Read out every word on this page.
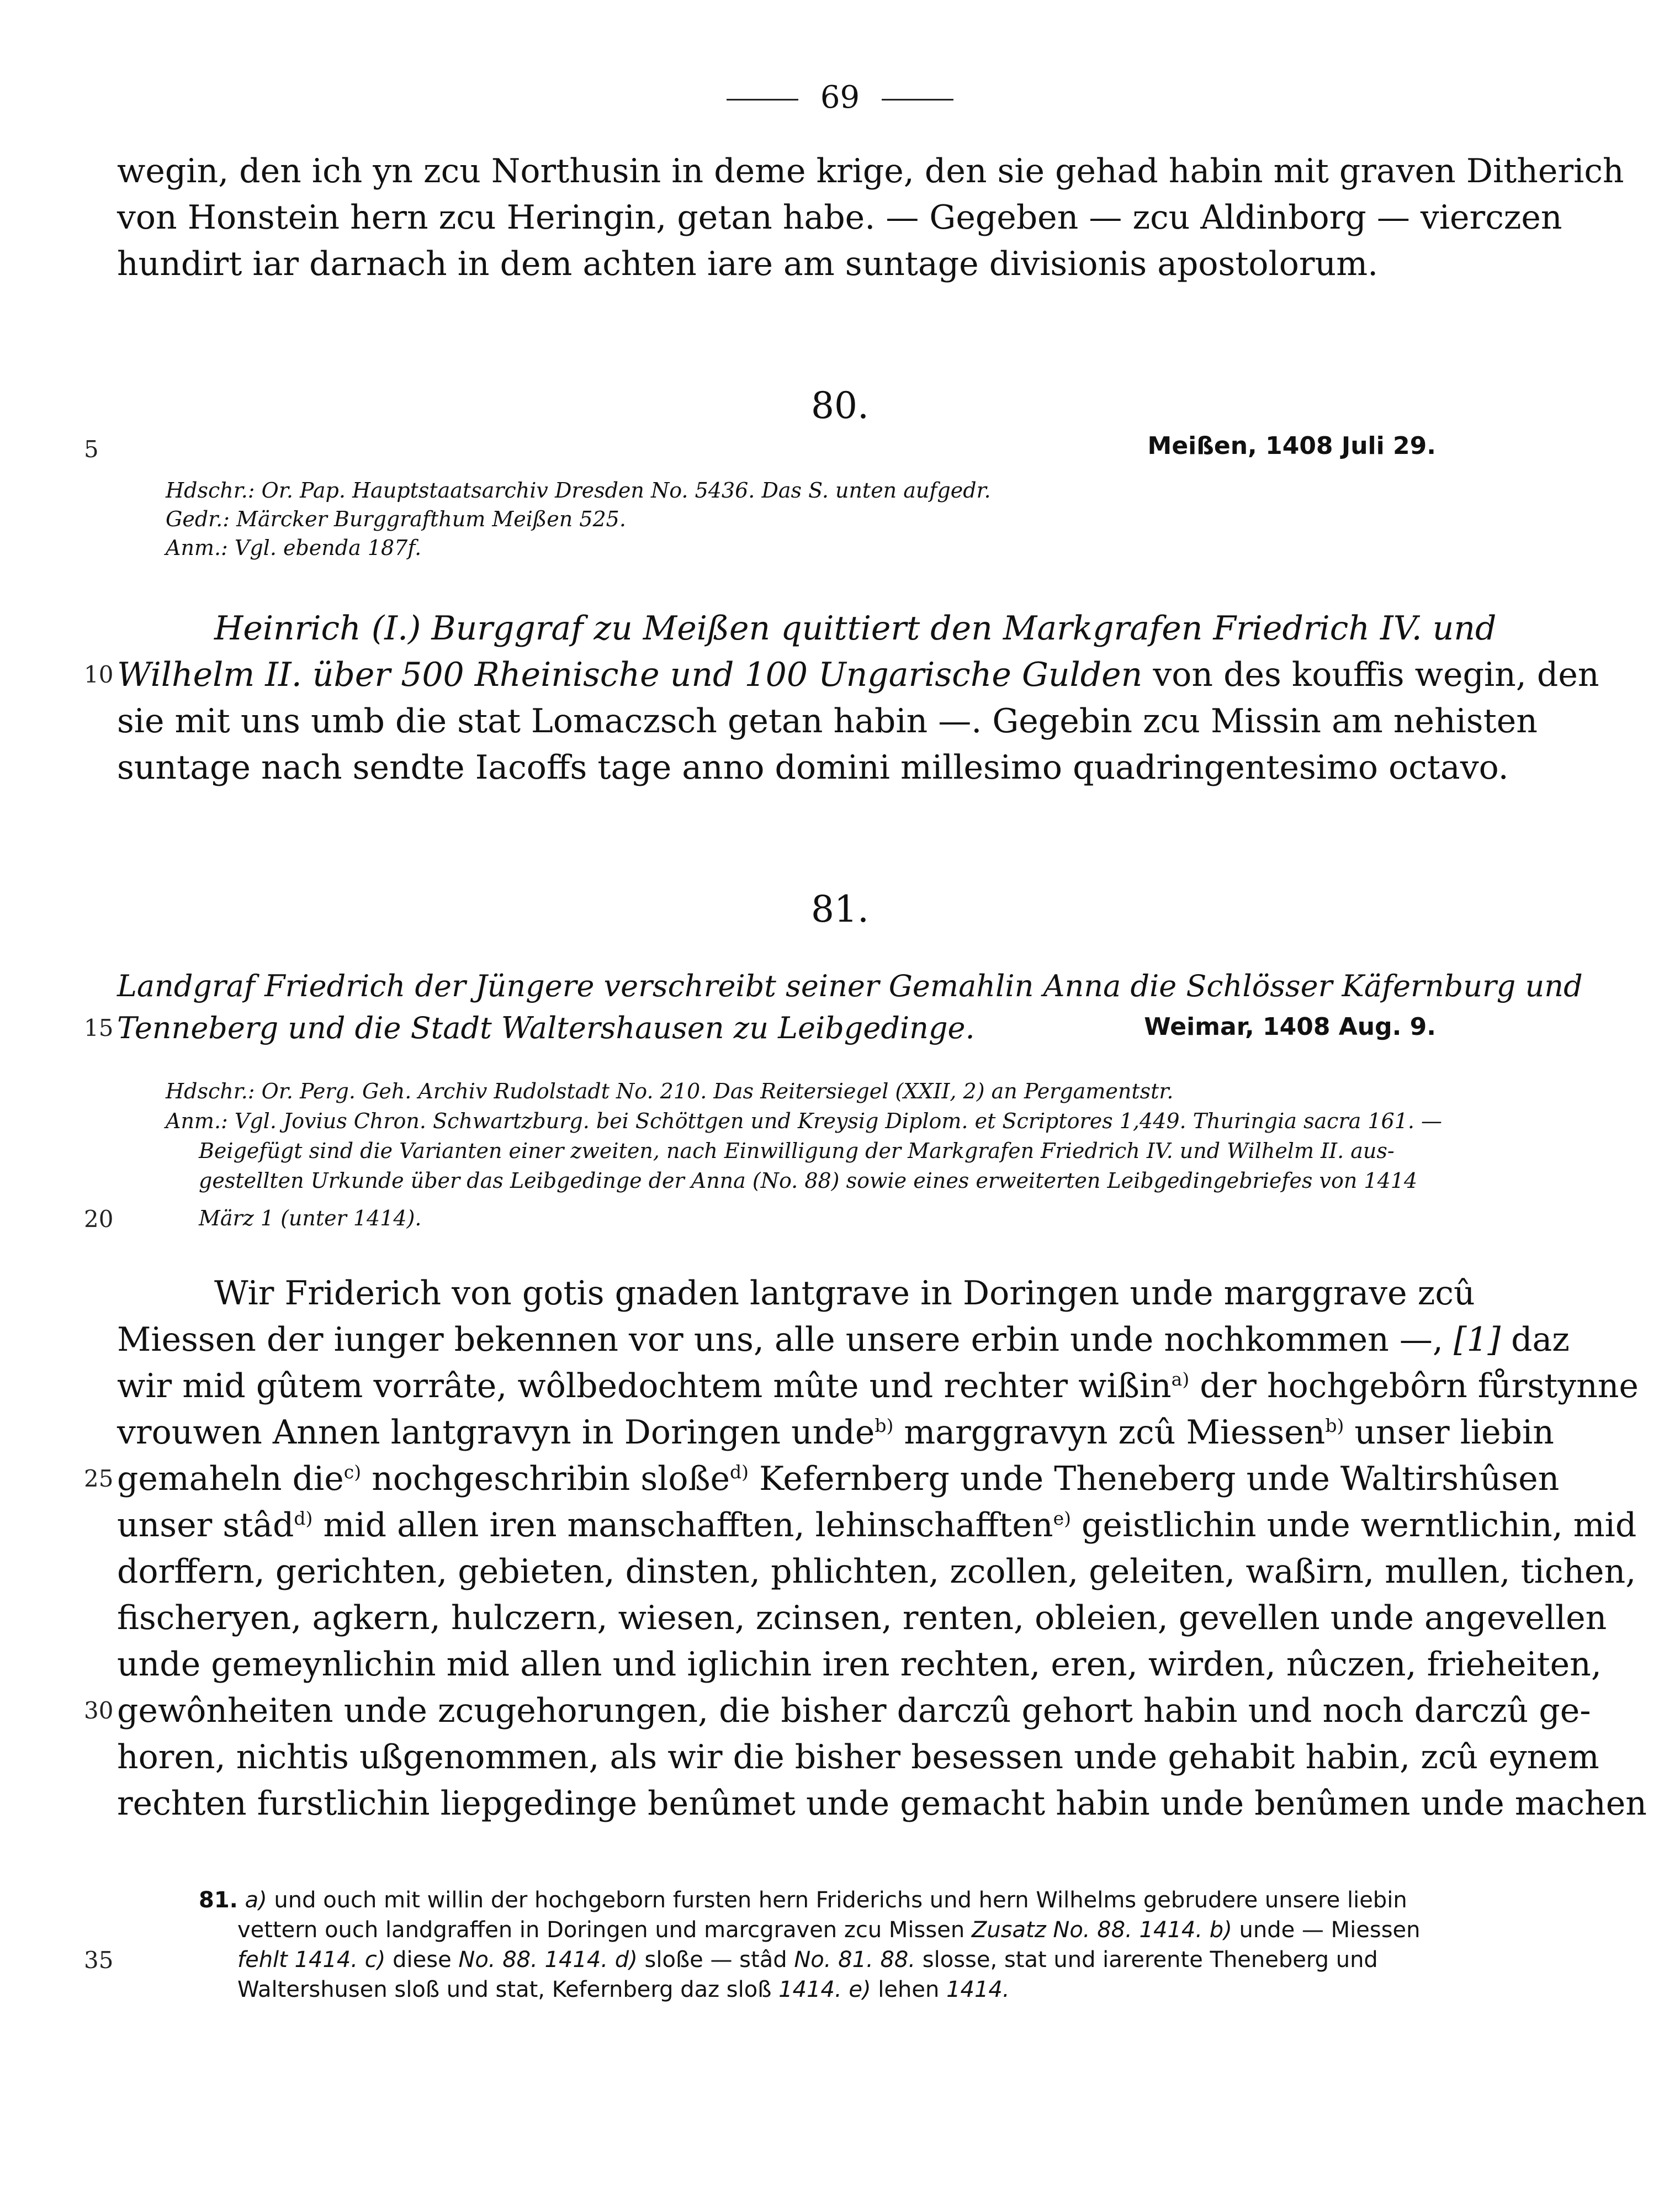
69
wegin, den ich yn zcu Northusin in deme krige, den sie gehad habin mit graven Ditherich
von Honstein hern zcu Heringin, getan habe. — Gegeben — zcu Aldinborg — vierczen
hundirt iar darnach in dem achten iare am suntage divisionis apostolorum.
80.
5	Meißen, 1408 Juli 29.
Hdschr.: Or. Pap. Hauptstaatsarchiv Dresden No. 5436. Das S. unten aufgedr.
Gedr.: Märcker Burggrafthum Meißen 525.
Anm.: Vgl. ebenda 187f.
Heinrich (I.) Burggraf zu Meißen quittiert den Markgrafen Friedrich IV. und
10 Wilhelm II. über 500 Rheinische und 100 Ungarische Gulden von des kouffis wegin, den
sie mit uns umb die stat Lomaczsch getan habin —. Gegebin zcu Missin am nehisten
suntage nach sendte Iacoffs tage anno domini millesimo quadringentesimo octavo.
81.
Landgraf Friedrich der Jüngere verschreibt seiner Gemahlin Anna die Schlösser Käfernburg und
15 Tenneberg und die Stadt Waltershausen zu Leibgedinge.	Weimar, 1408 Aug. 9.
Hdschr.: Or. Perg. Geh. Archiv Rudolstadt No. 210. Das Reitersiegel (XXII, 2) an Pergamentstr.
Anm.: Vgl. Jovius Chron. Schwartzburg. bei Schöttgen und Kreysig Diplom. et Scriptores 1,449. Thuringia sacra 161. —
Beigefügt sind die Varianten einer zweiten, nach Einwilligung der Markgrafen Friedrich IV. und Wilhelm II. aus-
gestellten Urkunde über das Leibgedinge der Anna (No. 88) sowie eines erweiterten Leibgedingebriefes von 1414
20	März 1 (unter 1414).
Wir Friderich von gotis gnaden lantgrave in Doringen unde marggrave zcû
Miessen der iunger bekennen vor uns, alle unsere erbin unde nochkommen —, [1] daz
wir mid gûtem vorrâte, wôlbedochtem mûte und rechter wißin$^{a)}$ der hochgebôrn fůrstynne
vrouwen Annen lantgravyn in Doringen unde$^{b)}$ marggravyn zcû Miessen$^{b)}$ unser liebin
25 gemaheln die$^{c)}$ nochgeschribin sloße$^{d)}$ Kefernberg unde Theneberg unde Waltirshûsen
unser stâd$^{d)}$ mid allen iren manschafften, lehinschafften$^{e)}$ geistlichin unde werntlichin, mid
dorffern, gerichten, gebieten, dinsten, phlichten, zcollen, geleiten, waßirn, mullen, tichen,
fischeryen, agkern, hulczern, wiesen, zcinsen, renten, obleien, gevellen unde angevellen
unde gemeynlichin mid allen und iglichin iren rechten, eren, wirden, nûczen, frieheiten,
30 gewônheiten unde zcugehorungen, die bisher darczû gehort habin und noch darczû ge-
horen, nichtis ußgenommen, als wir die bisher besessen unde gehabit habin, zcû eynem
rechten furstlichin liepgedinge benûmet unde gemacht habin unde benûmen unde machen
81. a) und ouch mit willin der hochgeborn fursten hern Friderichs und hern Wilhelms gebrudere unsere liebin
vettern ouch landgraffen in Doringen und marcgraven zcu Missen Zusatz No. 88. 1414. b) unde — Miessen
35	fehlt 1414. c) diese No. 88. 1414. d) sloße — stâd No. 81. 88. slosse, stat und iarerente Theneberg und
Waltershusen sloß und stat, Kefernberg daz sloß 1414. e) lehen 1414.
